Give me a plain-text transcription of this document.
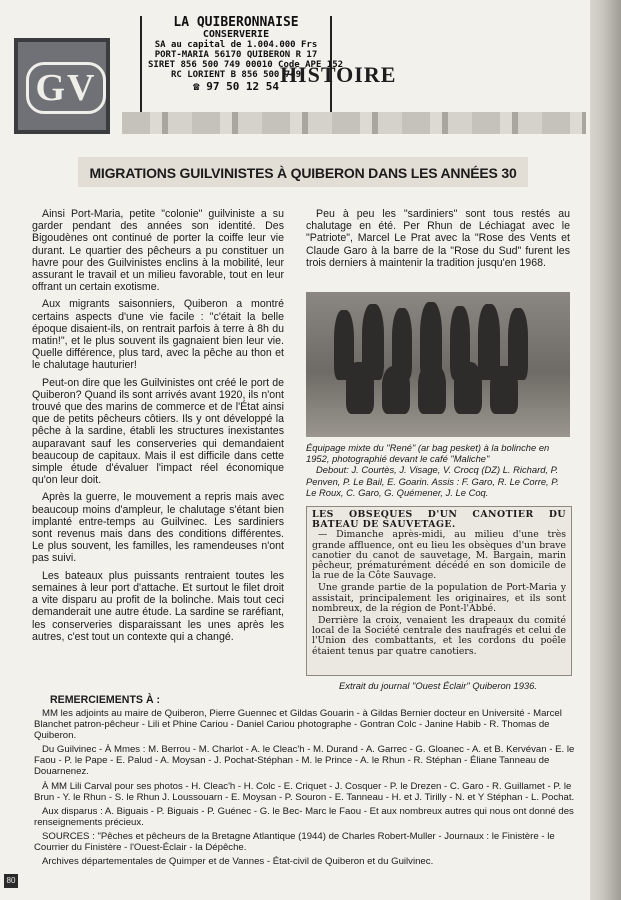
GV
LA QUIBERONNAISE
CONSERVERIE
SA au capital de 1.004.000 Frs
PORT-MARIA 56170 QUIBERON R 17
SIRET 856 500 749 00010 Code APE 152
RC LORIENT B 856 500 749
☎ 97 50 12 54 HISTOIRE
MIGRATIONS GUILVINISTES À QUIBERON DANS LES ANNÉES 30

Ainsi Port-Maria, petite "colonie" guilviniste a su garder pendant des années son identité. Des Bigoudènes ont continué de porter la coiffe leur vie durant. Le quartier des pêcheurs a pu constituer un havre pour des Guilvinistes enclins à la mobilité, leur assurant le travail et un milieu favorable, tout en leur offrant un certain exotisme.

Aux migrants saisonniers, Quiberon a montré certains aspects d'une vie facile : "c'était la belle époque disaient-ils, on rentrait parfois à terre à 8h du matin!", et le plus souvent ils gagnaient bien leur vie. Quelle différence, plus tard, avec la pêche au thon et le chalutage hauturier!

Peut-on dire que les Guilvinistes ont créé le port de Quiberon? Quand ils sont arrivés avant 1920, ils n'ont trouvé que des marins de commerce et de l'État ainsi que de petits pêcheurs côtiers. Ils y ont développé la pêche à la sardine, établi les structures inexistantes auparavant sauf les conserveries qui demandaient beaucoup de capitaux. Mais il est difficile dans cette simple étude d'évaluer l'impact réel économique qu'on leur doit.

Après la guerre, le mouvement a repris mais avec beaucoup moins d'ampleur, le chalutage s'étant bien implanté entre-temps au Guilvinec. Les sardiniers sont revenus mais dans des conditions différentes. Le plus souvent, les familles, les ramendeuses n'ont pas suivi.

Les bateaux plus puissants rentraient toutes les semaines à leur port d'attache. Et surtout le filet droit a vite disparu au profit de la bolinche. Mais tout ceci demanderait une autre étude. La sardine se raréfiant, les conserveries disparaissant les unes après les autres, c'est tout un contexte qui a changé.

Peu à peu les "sardiniers" sont tous restés au chalutage en été. Per Rhun de Léchiagat avec le "Patriote", Marcel Le Prat avec la "Rose des Vents et Claude Garo à la barre de la "Rose du Sud" furent les trois derniers à maintenir la tradition jusqu'en 1968.

Équipage mixte du "René" (ar bag pesket) à la bolinche en 1952, photographié devant le café "Maliche"
Debout: J. Courtès, J. Visage, V. Crocq (DZ) L. Richard, P. Penven, P. Le Bail, E. Goarin. Assis : F. Garo, R. Le Corre, P. Le Roux, C. Garo, G. Quémener, J. Le Coq.
LES OBSEQUES D'UN CANOTIER DU BATEAU DE SAUVETAGE.

— Dimanche après-midi, au milieu d'une très grande affluence, ont eu lieu les obsèques d'un brave canotier du canot de sauvetage, M. Bargain, marin pêcheur, prématurément décédé en son domicile de la rue de la Côte Sauvage.

Une grande partie de la population de Port-Maria y assistait, principalement les originaires, et ils sont nombreux, de la région de Pont-l'Abbé.

Derrière la croix, venaient les drapeaux du comité local de la Société centrale des naufragés et celui de l'Union des combattants, et les cordons du poêle étaient tenus par quatre canotiers.

Extrait du journal "Ouest Éclair" Quiberon 1936.
REMERCIEMENTS À :

MM les adjoints au maire de Quiberon, Pierre Guennec et Gildas Gouarin - à Gildas Bernier docteur en Université - Marcel Blanchet patron-pêcheur - Lili et Phine Cariou - Daniel Cariou photographe - Gontran Colc - Janine Habib - R. Thomas de Quiberon.

Du Guilvinec - À Mmes : M. Berrou - M. Charlot - A. le Cleac'h - M. Durand - A. Garrec - G. Gloanec - A. et B. Kervévan - E. le Faou - P. le Pape - E. Palud - A. Moysan - J. Pochat-Stéphan - M. le Prince - A. le Rhun - R. Stéphan - Éliane Tanneau de Douarnenez.

À MM Lili Carval pour ses photos - H. Cleac'h - H. Colc - E. Criquet - J. Cosquer - P. le Drezen - C. Garo - R. Guillamet - P. le Brun - Y. le Rhun - S. le Rhun J. Loussouarn - E. Moysan - P. Souron - E. Tanneau - H. et J. Tirilly - N. et Y Stéphan - L. Pochat.

Aux disparus : A. Biguais - P. Biguais - P. Guénec - G. le Bec- Marc le Faou - Et aux nombreux autres qui nous ont donné des renseignements précieux.

SOURCES : "Pêches et pêcheurs de la Bretagne Atlantique (1944) de Charles Robert-Muller - Journaux : le Finistère - le Courrier du Finistère - l'Ouest-Éclair - la Dépêche.

Archives départementales de Quimper et de Vannes - État-civil de Quiberon et du Guilvinec.

80
